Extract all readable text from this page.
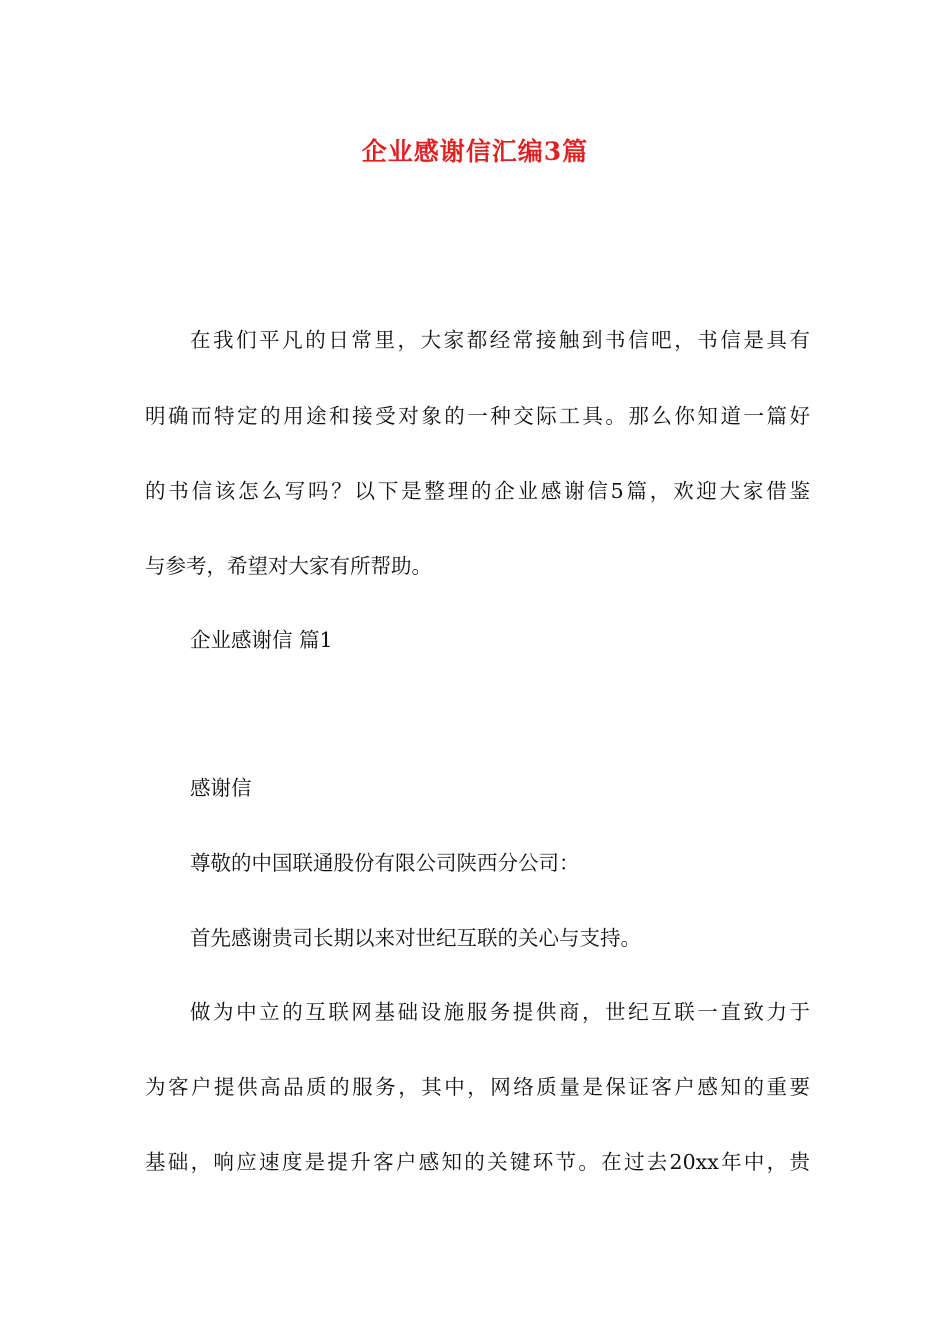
企业感谢信汇编3篇
在我们平凡的日常里，大家都经常接触到书信吧，书信是具有
明确而特定的用途和接受对象的一种交际工具。那么你知道一篇好
的书信该怎么写吗？以下是整理的企业感谢信5篇，欢迎大家借鉴
与参考，希望对大家有所帮助。
企业感谢信 篇1
感谢信
尊敬的中国联通股份有限公司陕西分公司：
首先感谢贵司长期以来对世纪互联的关心与支持。
做为中立的互联网基础设施服务提供商，世纪互联一直致力于
为客户提供高品质的服务，其中，网络质量是保证客户感知的重要
基础，响应速度是提升客户感知的关键环节。在过去20xx年中，贵
